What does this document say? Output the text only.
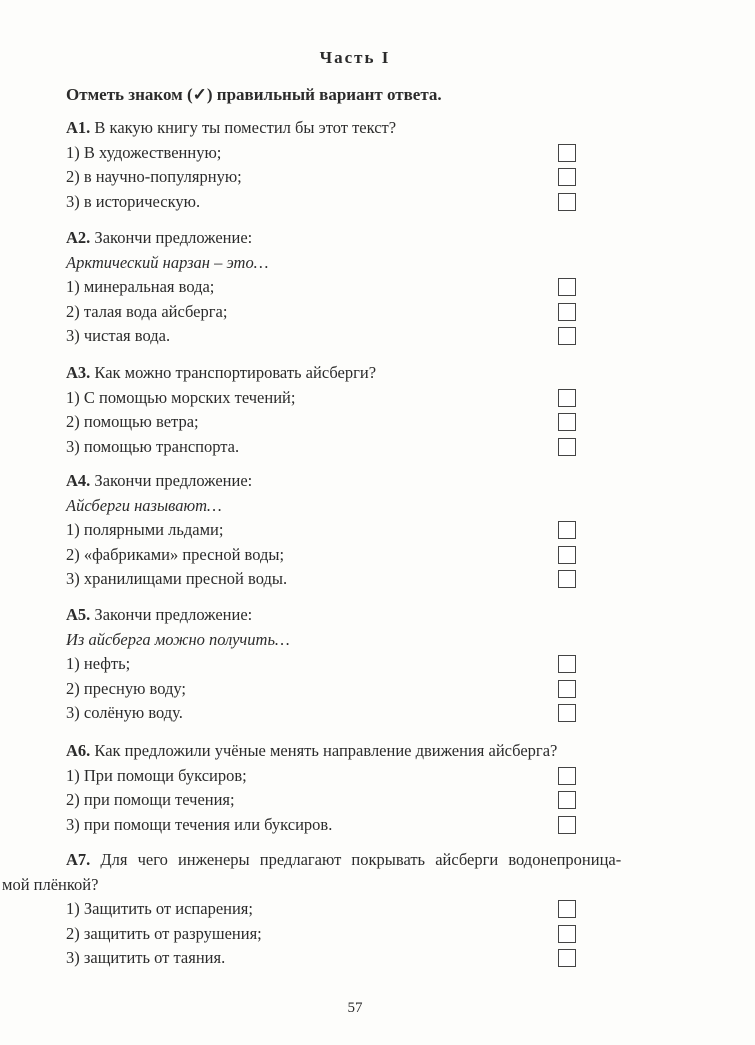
Часть I
Отметь знаком (✓) правильный вариант ответа.
А1. В какую книгу ты поместил бы этот текст?
1) В художественную;
2) в научно-популярную;
3) в историческую.
А2. Закончи предложение:
Арктический нарзан – это…
1) минеральная вода;
2) талая вода айсберга;
3) чистая вода.
А3. Как можно транспортировать айсберги?
1) С помощью морских течений;
2) помощью ветра;
3) помощью транспорта.
А4. Закончи предложение:
Айсберги называют…
1) полярными льдами;
2) «фабриками» пресной воды;
3) хранилищами пресной воды.
А5. Закончи предложение:
Из айсберга можно получить…
1) нефть;
2) пресную воду;
3) солёную воду.
А6. Как предложили учёные менять направление движения айсберга?
1) При помощи буксиров;
2) при помощи течения;
3) при помощи течения или буксиров.
А7. Для чего инженеры предлагают покрывать айсберги водонепроница-
мой плёнкой?
1) Защитить от испарения;
2) защитить от разрушения;
3) защитить от таяния.
57
